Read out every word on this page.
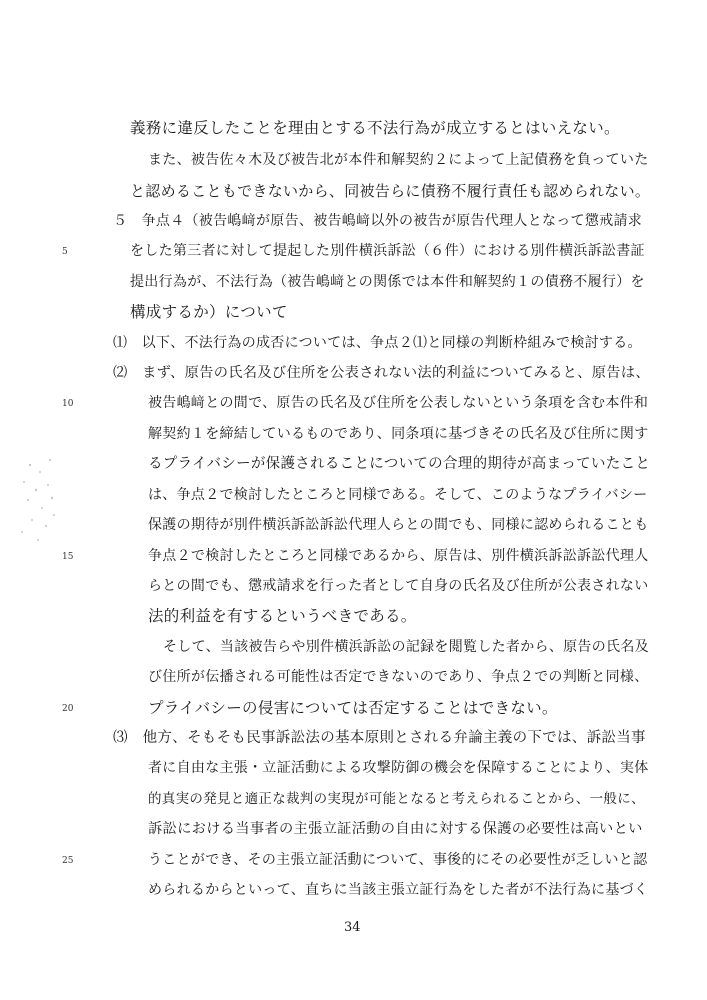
義務に違反したことを理由とする不法行為が成立するとはいえない。
また、被告佐々木及び被告北が本件和解契約２によって上記債務を負っていた
と認めることもできないから、同被告らに債務不履行責任も認められない。
５　争点４（被告嶋﨑が原告、被告嶋﨑以外の被告が原告代理人となって懲戒請求
をした第三者に対して提起した別件横浜訴訟（６件）における別件横浜訴訟書証
提出行為が、不法行為（被告嶋﨑との関係では本件和解契約１の債務不履行）を
構成するか）について
⑴　以下、不法行為の成否については、争点２⑴と同様の判断枠組みで検討する。
⑵　まず、原告の氏名及び住所を公表されない法的利益についてみると、原告は、
被告嶋﨑との間で、原告の氏名及び住所を公表しないという条項を含む本件和
解契約１を締結しているものであり、同条項に基づきその氏名及び住所に関す
るプライバシーが保護されることについての合理的期待が高まっていたこと
は、争点２で検討したところと同様である。そして、このようなプライバシー
保護の期待が別件横浜訴訟訴訟代理人らとの間でも、同様に認められることも
争点２で検討したところと同様であるから、原告は、別件横浜訴訟訴訟代理人
らとの間でも、懲戒請求を行った者として自身の氏名及び住所が公表されない
法的利益を有するというべきである。
そして、当該被告らや別件横浜訴訟の記録を閲覧した者から、原告の氏名及
び住所が伝播される可能性は否定できないのであり、争点２での判断と同様、
プライバシーの侵害については否定することはできない。
⑶　他方、そもそも民事訴訟法の基本原則とされる弁論主義の下では、訴訟当事
者に自由な主張・立証活動による攻撃防御の機会を保障することにより、実体
的真実の発見と適正な裁判の実現が可能となると考えられることから、一般に、
訴訟における当事者の主張立証活動の自由に対する保護の必要性は高いとい
5
10
15
20
25
34
うことができ、その主張立証活動について、事後的にその必要性が乏しいと認
められるからといって、直ちに当該主張立証行為をした者が不法行為に基づく
